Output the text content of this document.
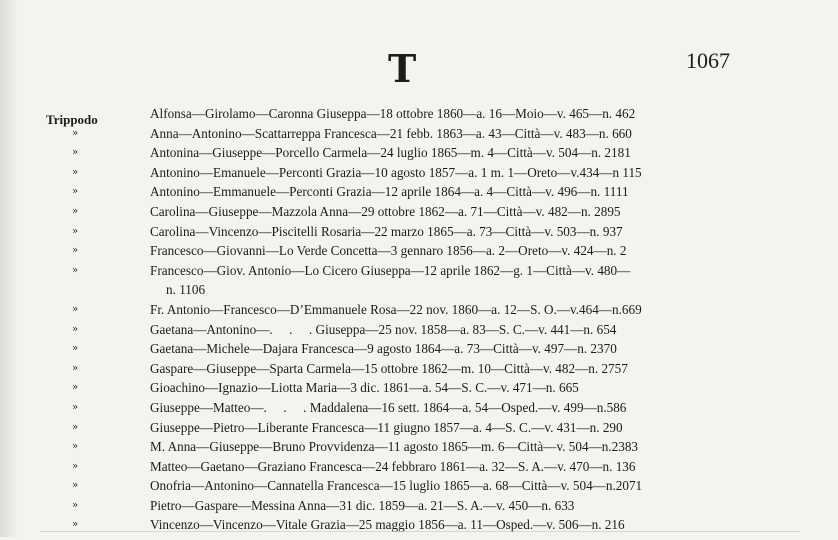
T	1067
Trippodo	Alfonsa—Girolamo—Caronna Giuseppa—18 ottobre 1860—a. 16—Moio—v. 465—n. 462
»	Anna—Antonino—Scattarreppa Francesca—21 febb. 1863—a. 43—Città—v. 483—n. 660
»	Antonina—Giuseppe—Porcello Carmela—24 luglio 1865—m. 4—Città—v. 504—n. 2181
»	Antonino—Emanuele—Perconti Grazia—10 agosto 1857—a. 1 m. 1—Oreto—v.434—n 115
»	Antonino—Emmanuele—Perconti Grazia—12 aprile 1864—a. 4—Città—v. 496—n. 1111
»	Carolina—Giuseppe—Mazzola Anna—29 ottobre 1862—a. 71—Città—v. 482—n. 2895
»	Carolina—Vincenzo—Piscitelli Rosaria—22 marzo 1865—a. 73—Città—v. 503—n. 937
»	Francesco—Giovanni—Lo Verde Concetta—3 gennaro 1856—a. 2—Oreto—v. 424—n. 2
»	Francesco—Giov. Antonio—Lo Cicero Giuseppa—12 aprile 1862—g. 1—Città—v. 480—
n. 1106
»	Fr. Antonio—Francesco—D’Emmanuele Rosa—22 nov. 1860—a. 12—S. O.—v.464—n.669
»	Gaetana—Antonino—.  .  . Giuseppa—25 nov. 1858—a. 83—S. C.—v. 441—n. 654
»	Gaetana—Michele—Dajara Francesca—9 agosto 1864—a. 73—Città—v. 497—n. 2370
»	Gaspare—Giuseppe—Sparta Carmela—15 ottobre 1862—m. 10—Città—v. 482—n. 2757
»	Gioachino—Ignazio—Liotta Maria—3 dic. 1861—a. 54—S. C.—v. 471—n. 665
»	Giuseppe—Matteo—.  .  . Maddalena—16 sett. 1864—a. 54—Osped.—v. 499—n.586
»	Giuseppe—Pietro—Liberante Francesca—11 giugno 1857—a. 4—S. C.—v. 431—n. 290
»	M. Anna—Giuseppe—Bruno Provvidenza—11 agosto 1865—m. 6—Città—v. 504—n.2383
»	Matteo—Gaetano—Graziano Francesca—24 febbraro 1861—a. 32—S. A.—v. 470—n. 136
»	Onofria—Antonino—Cannatella Francesca—15 luglio 1865—a. 68—Città—v. 504—n.2071
»	Pietro—Gaspare—Messina Anna—31 dic. 1859—a. 21—S. A.—v. 450—n. 633
»	Vincenzo—Vincenzo—Vitale Grazia—25 maggio 1856—a. 11—Osped.—v. 506—n. 216
